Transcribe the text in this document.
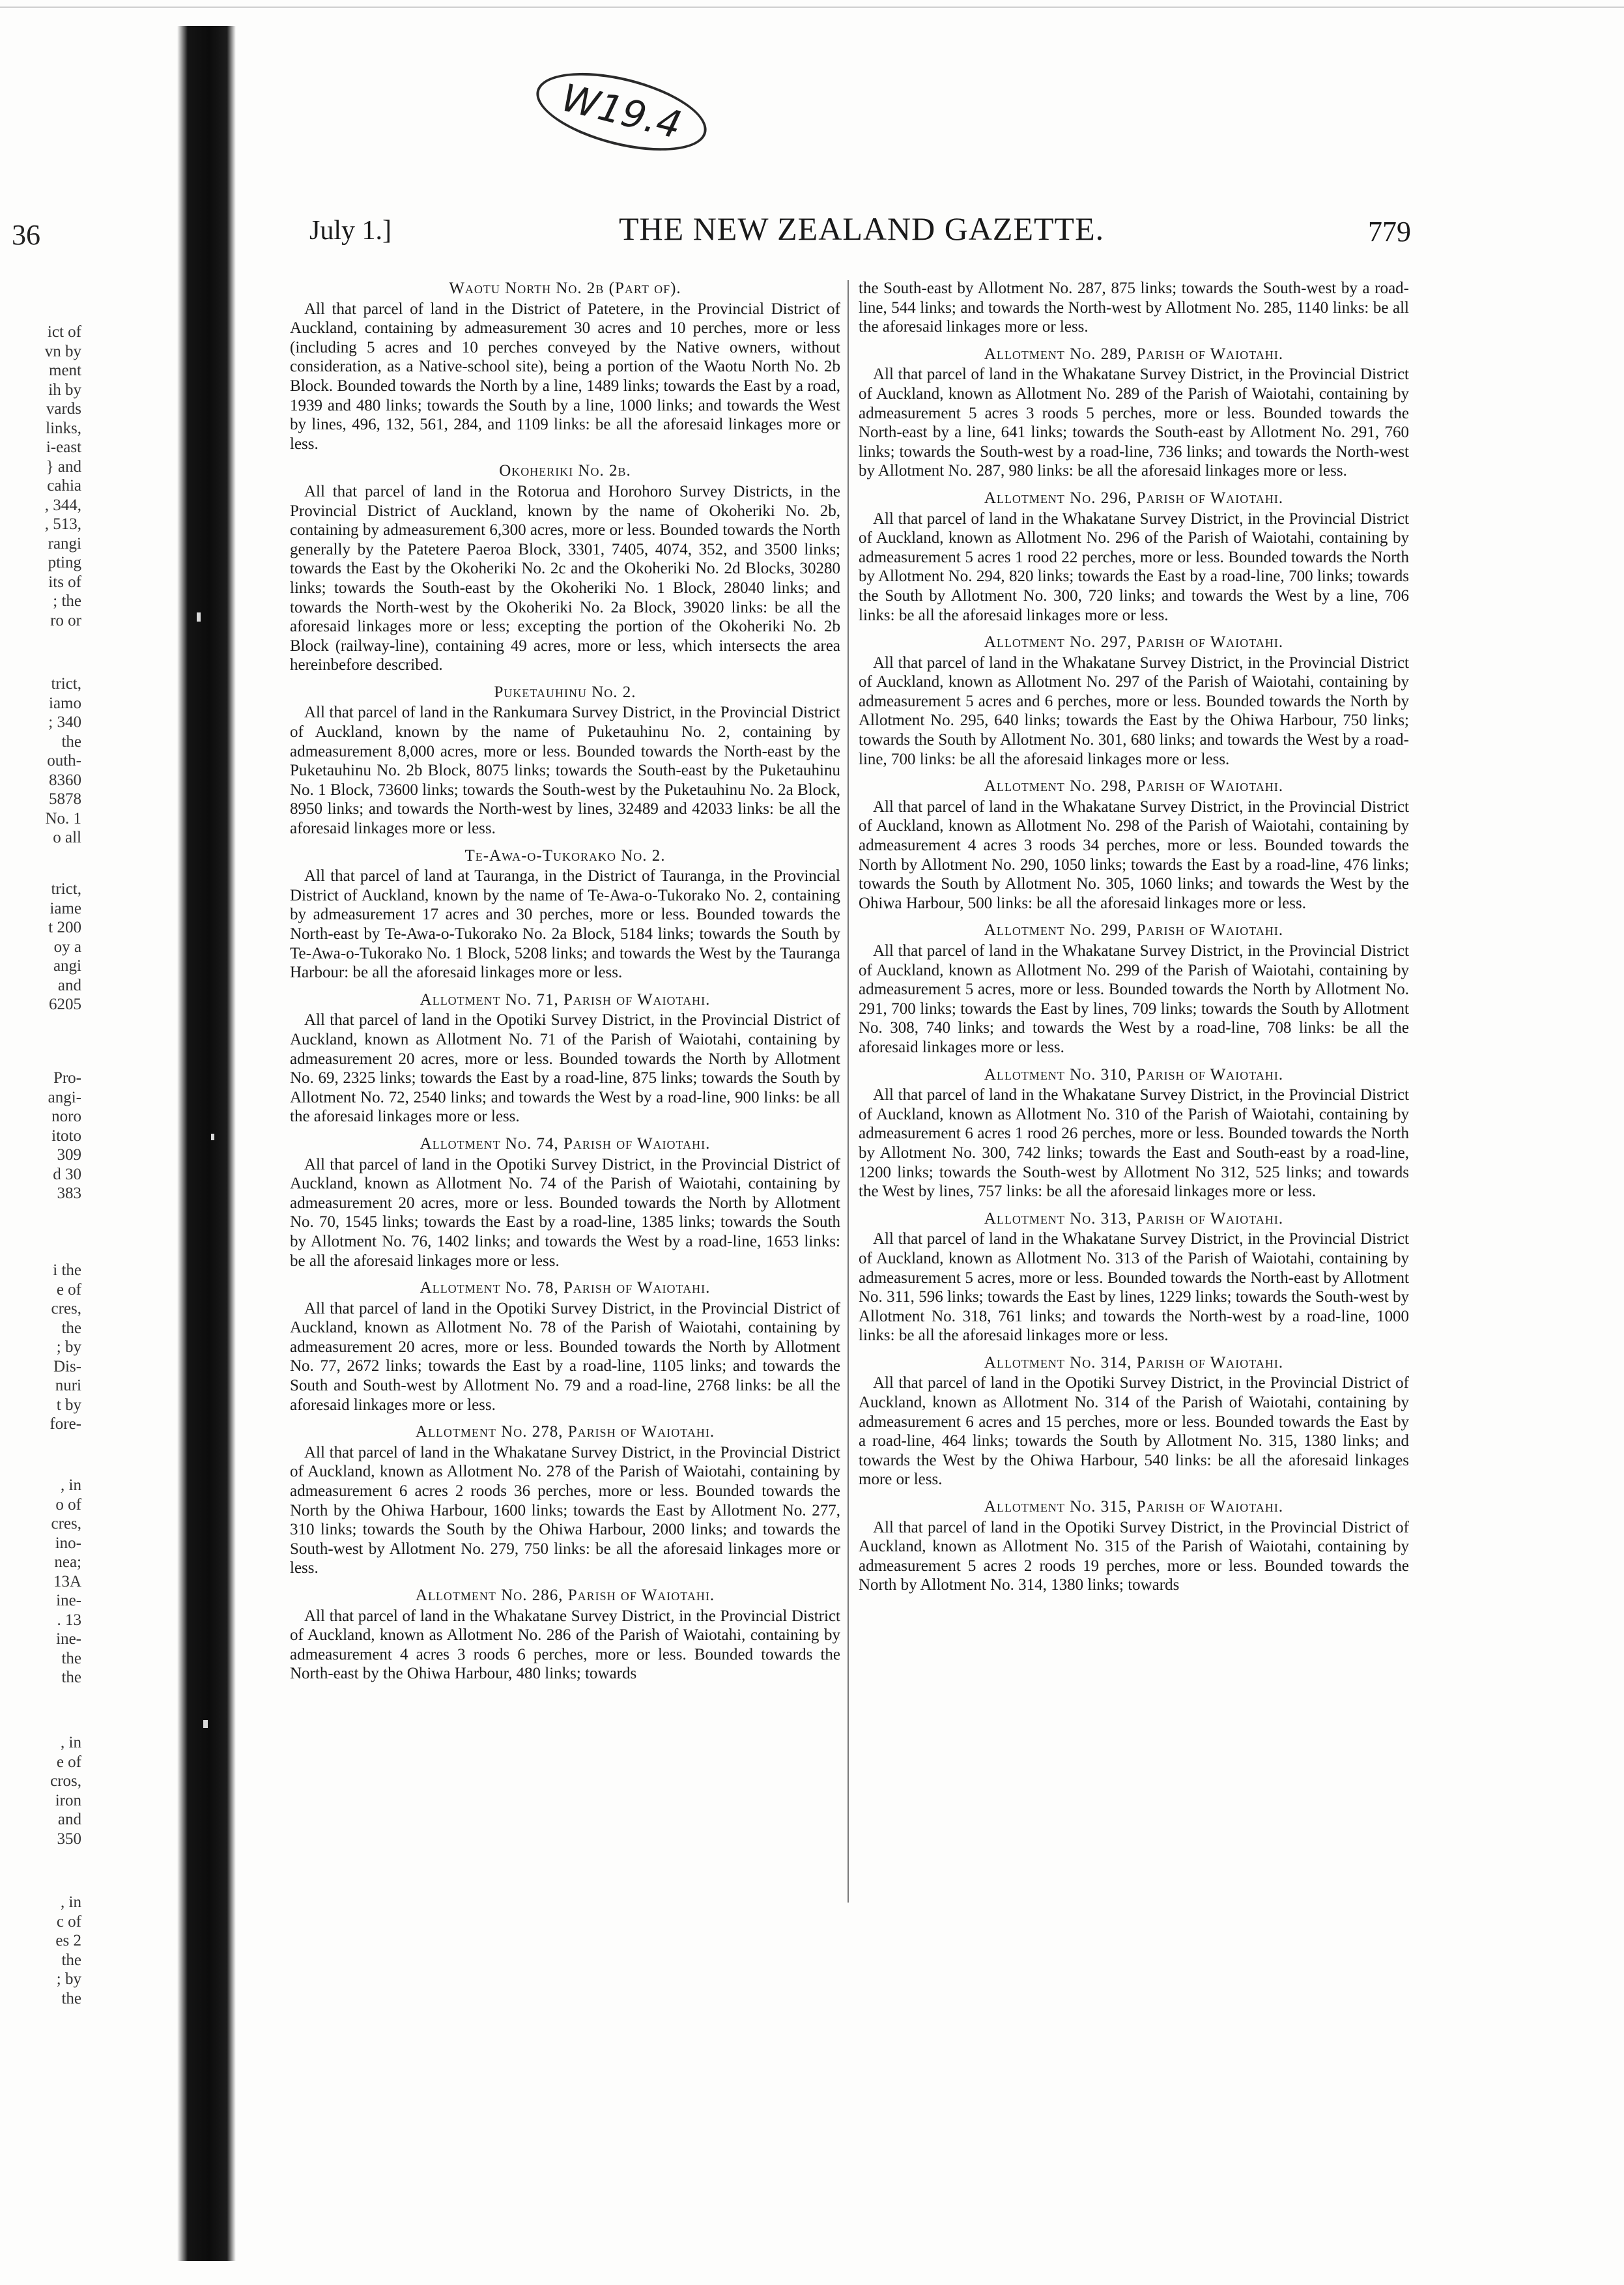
36
ict of
vn by
ment
ih by
vards
links,
i-east
} and
cahia
, 344,
, 513,
rangi
pting
its of
; the
ro or
trict,
iamo
; 340
the
outh-
8360
5878
No. 1
o all
trict,
iame
t 200
oy a
angi
and
6205
Pro-
angi-
noro
itoto
309
d 30
383
i the
e of
cres,
the
; by
Dis-
nuri
t by
fore-
, in
o of
cres,
ino-
nea;
13A
ine-
. 13
ine-
the
the
, in
e of
cros,
iron
and
350
, in
c of
es 2
the
; by
the
W19.4
July 1.]	THE NEW ZEALAND GAZETTE.	779
Waotu North No. 2b (Part of).

All that parcel of land in the District of Patetere, in the Provincial District of Auckland, containing by admeasurement 30 acres and 10 perches, more or less (including 5 acres and 10 perches conveyed by the Native owners, without consideration, as a Native-school site), being a portion of the Waotu North No. 2b Block. Bounded towards the North by a line, 1489 links; towards the East by a road, 1939 and 480 links; towards the South by a line, 1000 links; and towards the West by lines, 496, 132, 561, 284, and 1109 links: be all the aforesaid linkages more or less.

Okoheriki No. 2b.

All that parcel of land in the Rotorua and Horohoro Survey Districts, in the Provincial District of Auckland, known by the name of Okoheriki No. 2b, containing by admeasurement 6,300 acres, more or less. Bounded towards the North generally by the Patetere Paeroa Block, 3301, 7405, 4074, 352, and 3500 links; towards the East by the Okoheriki No. 2c and the Okoheriki No. 2d Blocks, 30280 links; towards the South-east by the Okoheriki No. 1 Block, 28040 links; and towards the North-west by the Okoheriki No. 2a Block, 39020 links: be all the aforesaid linkages more or less; excepting the portion of the Okoheriki No. 2b Block (railway-line), containing 49 acres, more or less, which intersects the area hereinbefore described.

Puketauhinu No. 2.

All that parcel of land in the Rankumara Survey District, in the Provincial District of Auckland, known by the name of Puketauhinu No. 2, containing by admeasurement 8,000 acres, more or less. Bounded towards the North-east by the Puketauhinu No. 2b Block, 8075 links; towards the South-east by the Puketauhinu No. 1 Block, 73600 links; towards the South-west by the Puketauhinu No. 2a Block, 8950 links; and towards the North-west by lines, 32489 and 42033 links: be all the aforesaid linkages more or less.

Te-Awa-o-Tukorako No. 2.

All that parcel of land at Tauranga, in the District of Tauranga, in the Provincial District of Auckland, known by the name of Te-Awa-o-Tukorako No. 2, containing by admeasurement 17 acres and 30 perches, more or less. Bounded towards the North-east by Te-Awa-o-Tukorako No. 2a Block, 5184 links; towards the South by Te-Awa-o-Tukorako No. 1 Block, 5208 links; and towards the West by the Tauranga Harbour: be all the aforesaid linkages more or less.

Allotment No. 71, Parish of Waiotahi.

All that parcel of land in the Opotiki Survey District, in the Provincial District of Auckland, known as Allotment No. 71 of the Parish of Waiotahi, containing by admeasurement 20 acres, more or less. Bounded towards the North by Allotment No. 69, 2325 links; towards the East by a road-line, 875 links; towards the South by Allotment No. 72, 2540 links; and towards the West by a road-line, 900 links: be all the aforesaid linkages more or less.

Allotment No. 74, Parish of Waiotahi.

All that parcel of land in the Opotiki Survey District, in the Provincial District of Auckland, known as Allotment No. 74 of the Parish of Waiotahi, containing by admeasurement 20 acres, more or less. Bounded towards the North by Allotment No. 70, 1545 links; towards the East by a road-line, 1385 links; towards the South by Allotment No. 76, 1402 links; and towards the West by a road-line, 1653 links: be all the aforesaid linkages more or less.

Allotment No. 78, Parish of Waiotahi.

All that parcel of land in the Opotiki Survey District, in the Provincial District of Auckland, known as Allotment No. 78 of the Parish of Waiotahi, containing by admeasurement 20 acres, more or less. Bounded towards the North by Allotment No. 77, 2672 links; towards the East by a road-line, 1105 links; and towards the South and South-west by Allotment No. 79 and a road-line, 2768 links: be all the aforesaid linkages more or less.

Allotment No. 278, Parish of Waiotahi.

All that parcel of land in the Whakatane Survey District, in the Provincial District of Auckland, known as Allotment No. 278 of the Parish of Waiotahi, containing by admeasurement 6 acres 2 roods 36 perches, more or less. Bounded towards the North by the Ohiwa Harbour, 1600 links; towards the East by Allotment No. 277, 310 links; towards the South by the Ohiwa Harbour, 2000 links; and towards the South-west by Allotment No. 279, 750 links: be all the aforesaid linkages more or less.

Allotment No. 286, Parish of Waiotahi.

All that parcel of land in the Whakatane Survey District, in the Provincial District of Auckland, known as Allotment No. 286 of the Parish of Waiotahi, containing by admeasurement 4 acres 3 roods 6 perches, more or less. Bounded towards the North-east by the Ohiwa Harbour, 480 links; towards

the South-east by Allotment No. 287, 875 links; towards the South-west by a road-line, 544 links; and towards the North-west by Allotment No. 285, 1140 links: be all the aforesaid linkages more or less.

Allotment No. 289, Parish of Waiotahi.

All that parcel of land in the Whakatane Survey District, in the Provincial District of Auckland, known as Allotment No. 289 of the Parish of Waiotahi, containing by admeasurement 5 acres 3 roods 5 perches, more or less. Bounded towards the North-east by a line, 641 links; towards the South-east by Allotment No. 291, 760 links; towards the South-west by a road-line, 736 links; and towards the North-west by Allotment No. 287, 980 links: be all the aforesaid linkages more or less.

Allotment No. 296, Parish of Waiotahi.

All that parcel of land in the Whakatane Survey District, in the Provincial District of Auckland, known as Allotment No. 296 of the Parish of Waiotahi, containing by admeasurement 5 acres 1 rood 22 perches, more or less. Bounded towards the North by Allotment No. 294, 820 links; towards the East by a road-line, 700 links; towards the South by Allotment No. 300, 720 links; and towards the West by a line, 706 links: be all the aforesaid linkages more or less.

Allotment No. 297, Parish of Waiotahi.

All that parcel of land in the Whakatane Survey District, in the Provincial District of Auckland, known as Allotment No. 297 of the Parish of Waiotahi, containing by admeasurement 5 acres and 6 perches, more or less. Bounded towards the North by Allotment No. 295, 640 links; towards the East by the Ohiwa Harbour, 750 links; towards the South by Allotment No. 301, 680 links; and towards the West by a road-line, 700 links: be all the aforesaid linkages more or less.

Allotment No. 298, Parish of Waiotahi.

All that parcel of land in the Whakatane Survey District, in the Provincial District of Auckland, known as Allotment No. 298 of the Parish of Waiotahi, containing by admeasurement 4 acres 3 roods 34 perches, more or less. Bounded towards the North by Allotment No. 290, 1050 links; towards the East by a road-line, 476 links; towards the South by Allotment No. 305, 1060 links; and towards the West by the Ohiwa Harbour, 500 links: be all the aforesaid linkages more or less.

Allotment No. 299, Parish of Waiotahi.

All that parcel of land in the Whakatane Survey District, in the Provincial District of Auckland, known as Allotment No. 299 of the Parish of Waiotahi, containing by admeasurement 5 acres, more or less. Bounded towards the North by Allotment No. 291, 700 links; towards the East by lines, 709 links; towards the South by Allotment No. 308, 740 links; and towards the West by a road-line, 708 links: be all the aforesaid linkages more or less.

Allotment No. 310, Parish of Waiotahi.

All that parcel of land in the Whakatane Survey District, in the Provincial District of Auckland, known as Allotment No. 310 of the Parish of Waiotahi, containing by admeasurement 6 acres 1 rood 26 perches, more or less. Bounded towards the North by Allotment No. 300, 742 links; towards the East and South-east by a road-line, 1200 links; towards the South-west by Allotment No 312, 525 links; and towards the West by lines, 757 links: be all the aforesaid linkages more or less.

Allotment No. 313, Parish of Waiotahi.

All that parcel of land in the Whakatane Survey District, in the Provincial District of Auckland, known as Allotment No. 313 of the Parish of Waiotahi, containing by admeasurement 5 acres, more or less. Bounded towards the North-east by Allotment No. 311, 596 links; towards the East by lines, 1229 links; towards the South-west by Allotment No. 318, 761 links; and towards the North-west by a road-line, 1000 links: be all the aforesaid linkages more or less.

Allotment No. 314, Parish of Waiotahi.

All that parcel of land in the Opotiki Survey District, in the Provincial District of Auckland, known as Allotment No. 314 of the Parish of Waiotahi, containing by admeasurement 6 acres and 15 perches, more or less. Bounded towards the East by a road-line, 464 links; towards the South by Allotment No. 315, 1380 links; and towards the West by the Ohiwa Harbour, 540 links: be all the aforesaid linkages more or less.

Allotment No. 315, Parish of Waiotahi.

All that parcel of land in the Opotiki Survey District, in the Provincial District of Auckland, known as Allotment No. 315 of the Parish of Waiotahi, containing by admeasurement 5 acres 2 roods 19 perches, more or less. Bounded towards the North by Allotment No. 314, 1380 links; towards
